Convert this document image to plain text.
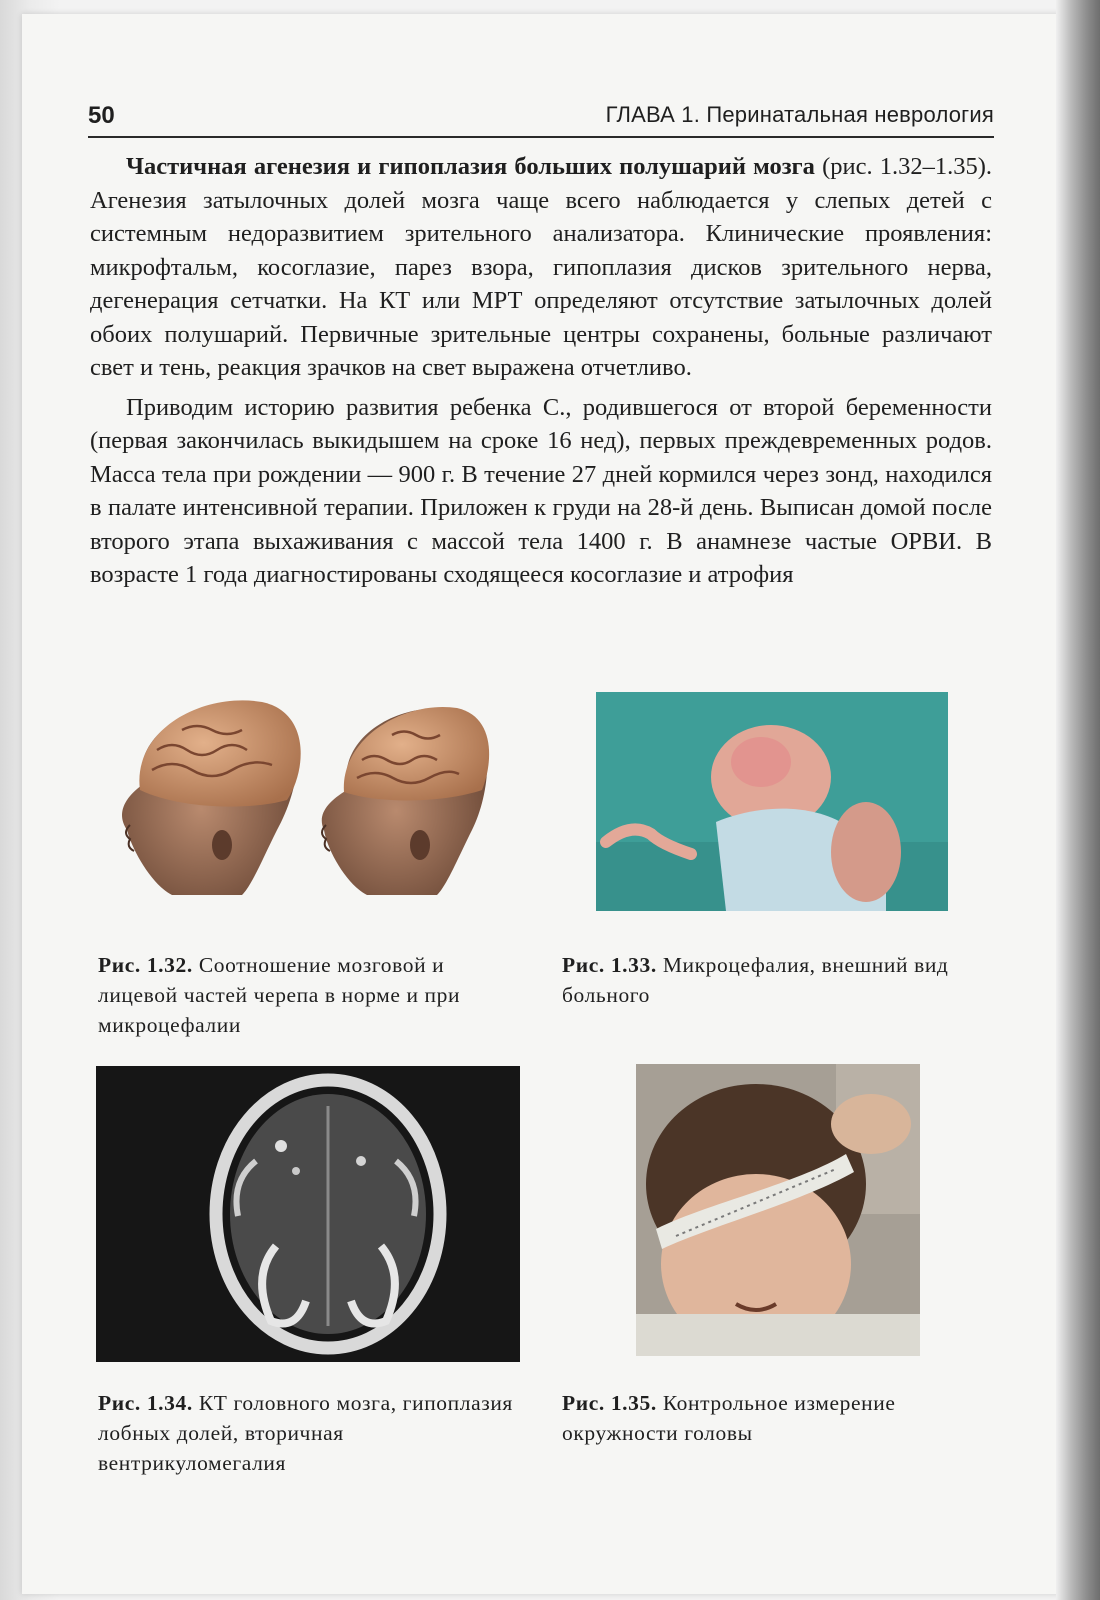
50	ГЛАВА 1. Перинатальная неврология

Частичная агенезия и гипоплазия больших полушарий мозга (рис. 1.32–1.35). Агенезия затылочных долей мозга чаще всего наблюдается у слепых детей с системным недоразвитием зрительного анализатора. Клинические проявления: микрофтальм, косоглазие, парез взора, гипоплазия дисков зрительного нерва, дегенерация сетчатки. На КТ или МРТ определяют отсутствие затылочных долей обоих полушарий. Первичные зрительные центры сохранены, больные различают свет и тень, реакция зрачков на свет выражена отчетливо.

Приводим историю развития ребенка С., родившегося от второй беременности (первая закончилась выкидышем на сроке 16 нед), первых преждевременных родов. Масса тела при рождении — 900 г. В течение 27 дней кормился через зонд, находился в палате интенсивной терапии. Приложен к груди на 28-й день. Выписан домой после второго этапа выхаживания с массой тела 1400 г. В анамнезе частые ОРВИ. В возрасте 1 года диагностированы сходящееся косоглазие и атрофия

Рис. 1.32. Соотношение мозговой и лицевой частей черепа в норме и при микроцефалии
Рис. 1.33. Микроцефалия, внешний вид больного
Рис. 1.34. КТ головного мозга, гипоплазия лобных долей, вторичная вентрикуломегалия
Рис. 1.35. Контрольное измерение окружности головы
